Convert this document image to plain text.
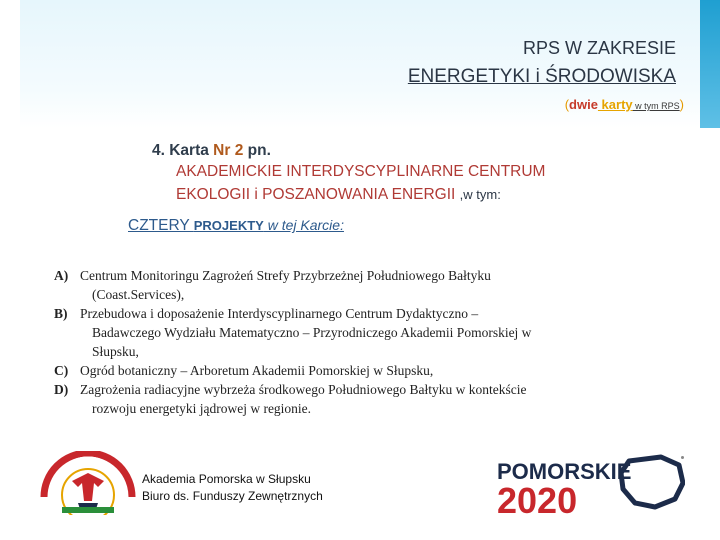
RPS W ZAKRESIE
ENERGETYKI i ŚRODOWISKA
(dwie karty w tym RPS)
4. Karta Nr 2 pn.
AKADEMICKIE INTERDYSCYPLINARNE CENTRUM
EKOLOGII i POSZANOWANIA ENERGII ,w tym:
CZTERY PROJEKTY w tej Karcie:
A) Centrum Monitoringu Zagrożeń Strefy Przybrzeżnej Południowego Bałtyku
(Coast.Services),
B) Przebudowa i doposażenie Interdyscyplinarnego Centrum Dydaktyczno –
Badawczego Wydziału Matematyczno – Przyrodniczego Akademii Pomorskiej w
Słupsku,
C) Ogród botaniczny – Arboretum Akademii Pomorskiej w Słupsku,
D) Zagrożenia radiacyjne wybrzeża środkowego Południowego Bałtyku w kontekście
rozwoju energetyki jądrowej w regionie.
Akademia Pomorska w Słupsku
Biuro ds. Funduszy Zewnętrznych
POMORSKIE
2020
